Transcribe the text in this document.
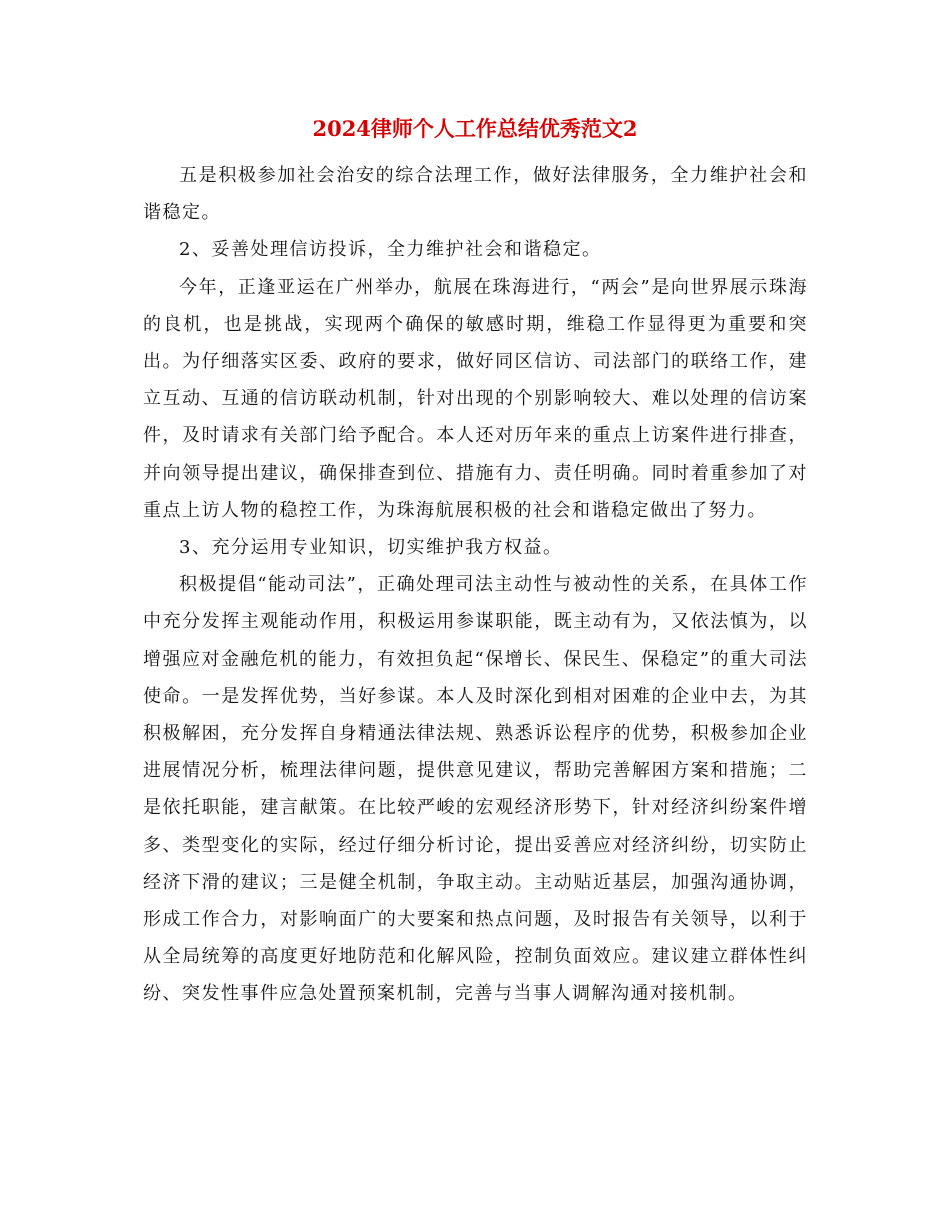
2024律师个人工作总结优秀范文2

五是积极参加社会治安的综合法理工作，做好法律服务，全力维护社会和谐稳定。

2、妥善处理信访投诉，全力维护社会和谐稳定。

今年，正逢亚运在广州举办，航展在珠海进行，“两会”是向世界展示珠海的良机，也是挑战，实现两个确保的敏感时期，维稳工作显得更为重要和突出。为仔细落实区委、政府的要求，做好同区信访、司法部门的联络工作，建立互动、互通的信访联动机制，针对出现的个别影响较大、难以处理的信访案件，及时请求有关部门给予配合。本人还对历年来的重点上访案件进行排查，并向领导提出建议，确保排查到位、措施有力、责任明确。同时着重参加了对重点上访人物的稳控工作，为珠海航展积极的社会和谐稳定做出了努力。

3、充分运用专业知识，切实维护我方权益。

积极提倡“能动司法”，正确处理司法主动性与被动性的关系，在具体工作中充分发挥主观能动作用，积极运用参谋职能，既主动有为，又依法慎为，以增强应对金融危机的能力，有效担负起“保增长、保民生、保稳定”的重大司法使命。一是发挥优势，当好参谋。本人及时深化到相对困难的企业中去，为其积极解困，充分发挥自身精通法律法规、熟悉诉讼程序的优势，积极参加企业进展情况分析，梳理法律问题，提供意见建议，帮助完善解困方案和措施；二是依托职能，建言献策。在比较严峻的宏观经济形势下，针对经济纠纷案件增多、类型变化的实际，经过仔细分析讨论，提出妥善应对经济纠纷，切实防止经济下滑的建议；三是健全机制，争取主动。主动贴近基层，加强沟通协调，形成工作合力，对影响面广的大要案和热点问题，及时报告有关领导，以利于从全局统筹的高度更好地防范和化解风险，控制负面效应。建议建立群体性纠纷、突发性事件应急处置预案机制，完善与当事人调解沟通对接机制。
